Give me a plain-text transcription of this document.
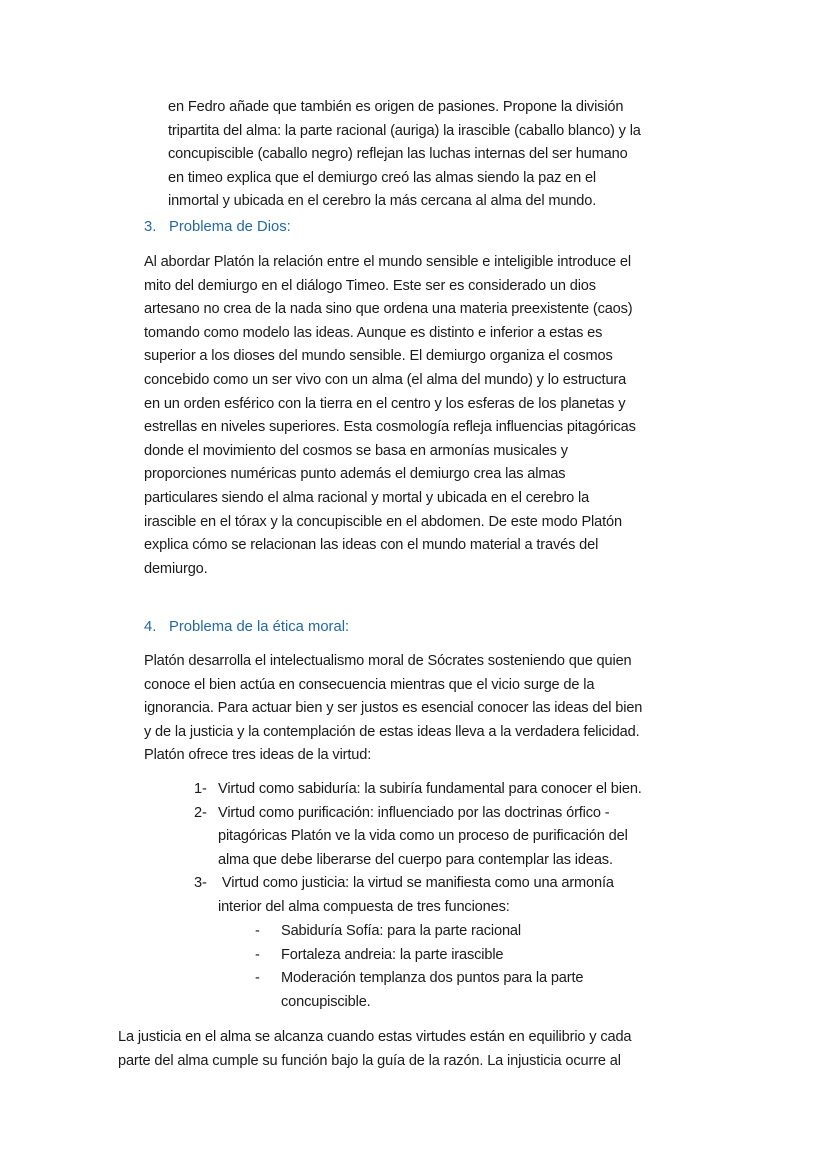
en Fedro añade que también es origen de pasiones. Propone la división
tripartita del alma: la parte racional (auriga) la irascible (caballo blanco) y la
concupiscible (caballo negro) reflejan las luchas internas del ser humano
en timeo explica que el demiurgo creó las almas siendo la paz en el
inmortal y ubicada en el cerebro la más cercana al alma del mundo.
3. Problema de Dios:
Al abordar Platón la relación entre el mundo sensible e inteligible introduce el
mito del demiurgo en el diálogo Timeo. Este ser es considerado un dios
artesano no crea de la nada sino que ordena una materia preexistente (caos)
tomando como modelo las ideas. Aunque es distinto e inferior a estas es
superior a los dioses del mundo sensible. El demiurgo organiza el cosmos
concebido como un ser vivo con un alma (el alma del mundo) y lo estructura
en un orden esférico con la tierra en el centro y los esferas de los planetas y
estrellas en niveles superiores. Esta cosmología refleja influencias pitagóricas
donde el movimiento del cosmos se basa en armonías musicales y
proporciones numéricas punto además el demiurgo crea las almas
particulares siendo el alma racional y mortal y ubicada en el cerebro la
irascible en el tórax y la concupiscible en el abdomen. De este modo Platón
explica cómo se relacionan las ideas con el mundo material a través del
demiurgo.
4. Problema de la ética moral:
Platón desarrolla el intelectualismo moral de Sócrates sosteniendo que quien
conoce el bien actúa en consecuencia mientras que el vicio surge de la
ignorancia. Para actuar bien y ser justos es esencial conocer las ideas del bien
y de la justicia y la contemplación de estas ideas lleva a la verdadera felicidad.
Platón ofrece tres ideas de la virtud:
1- Virtud como sabiduría: la subiría fundamental para conocer el bien.
2- Virtud como purificación: influenciado por las doctrinas órfico -
pitagóricas Platón ve la vida como un proceso de purificación del
alma que debe liberarse del cuerpo para contemplar las ideas.
3- Virtud como justicia: la virtud se manifiesta como una armonía
interior del alma compuesta de tres funciones:
- Sabiduría Sofía: para la parte racional
- Fortaleza andreia: la parte irascible
- Moderación templanza dos puntos para la parte
concupiscible.
La justicia en el alma se alcanza cuando estas virtudes están en equilibrio y cada
parte del alma cumple su función bajo la guía de la razón. La injusticia ocurre al
